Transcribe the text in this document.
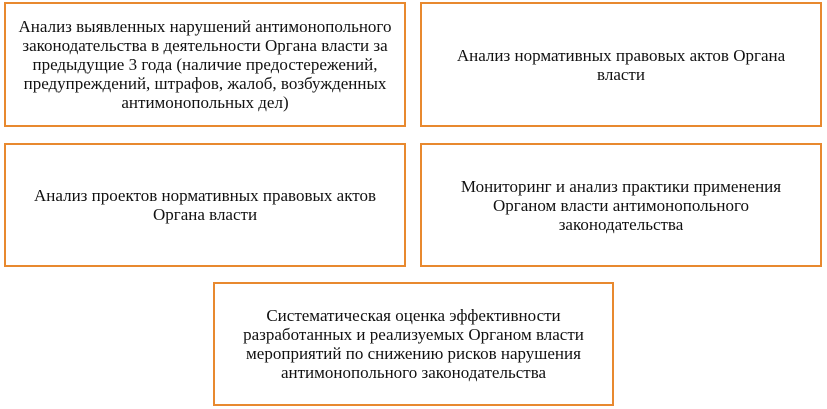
Анализ выявленных нарушений антимонопольного законодательства в деятельности Органа власти за предыдущие 3 года (наличие предостережений, предупреждений, штрафов, жалоб, возбужденных антимонопольных дел)
Анализ нормативных правовых актов Органа власти
Анализ проектов нормативных правовых актов Органа власти
Мониторинг и анализ практики применения Органом власти антимонопольного законодательства
Систематическая оценка эффективности разработанных и реализуемых Органом власти мероприятий по снижению рисков нарушения антимонопольного законодательства
